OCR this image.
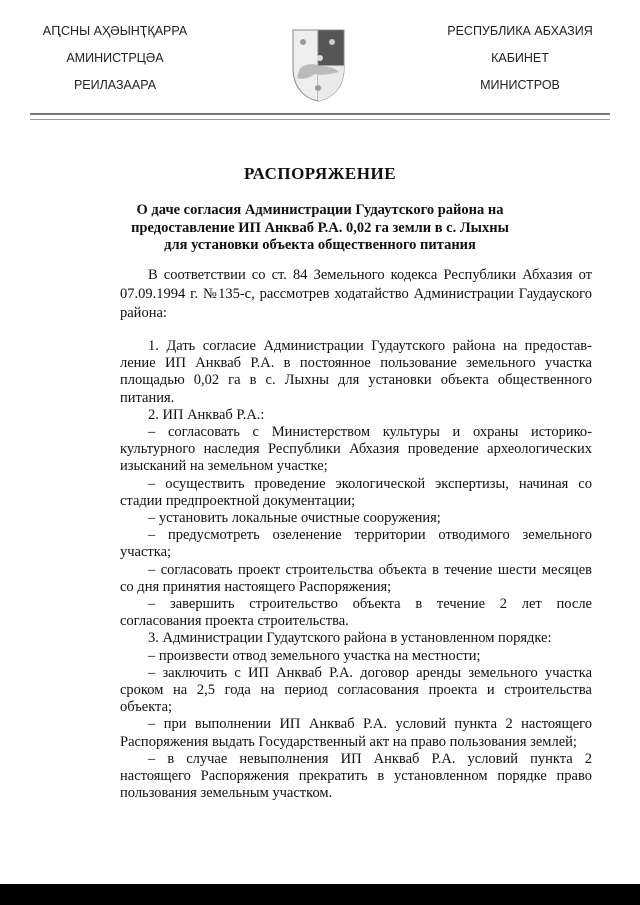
АԤСНЫ АҲӘЫНҬҚАРРА
АМИНИСТРЦӘА
РЕИЛАЗААРА
РЕСПУБЛИКА АБХАЗИЯ
КАБИНЕТ
МИНИСТРОВ
РАСПОРЯЖЕНИЕ
О даче согласия Администрации Гудаутского района на
предоставление ИП Анкваб Р.А. 0,02 га земли в с. Лыхны
для установки объекта общественного питания
В соответствии со ст. 84 Земельного кодекса Республики Абхазия от
07.09.1994 г. №135-с, рассмотрев ходатайство Администрации Гаудауского
района:
1. Дать согласие Администрации Гудаутского района на предостав-
ление ИП Анкваб Р.А. в постоянное пользование земельного участка
площадью 0,02 га в с. Лыхны для установки объекта общественного
питания.
2. ИП Анкваб Р.А.:
– согласовать с Министерством культуры и охраны историко-
культурного наследия Республики Абхазия проведение археологических
изысканий на земельном участке;
– осуществить проведение экологической экспертизы, начиная со
стадии предпроектной документации;
– установить локальные очистные сооружения;
– предусмотреть озеленение территории отводимого земельного
участка;
– согласовать проект строительства объекта в течение шести месяцев
со дня принятия настоящего Распоряжения;
– завершить строительство объекта в течение 2 лет после
согласования проекта строительства.
3. Администрации Гудаутского района в установленном порядке:
– произвести отвод земельного участка на местности;
– заключить с ИП Анкваб Р.А. договор аренды земельного участка
сроком на 2,5 года на период согласования проекта и строительства
объекта;
– при выполнении ИП Анкваб Р.А. условий пункта 2 настоящего
Распоряжения выдать Государственный акт на право пользования землей;
– в случае невыполнения ИП Анкваб Р.А. условий пункта 2
настоящего Распоряжения прекратить в установленном порядке право
пользования земельным участком.
